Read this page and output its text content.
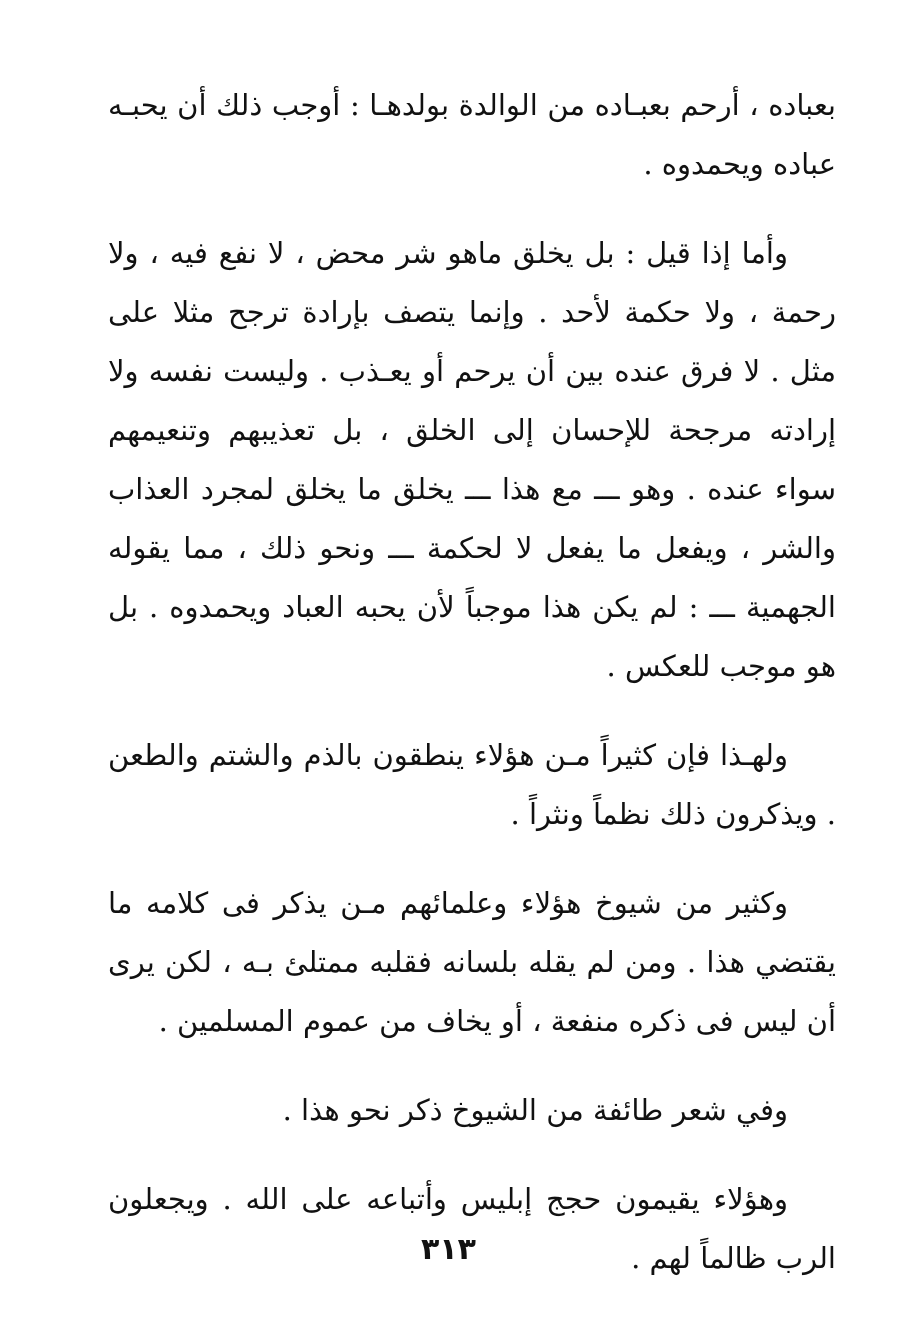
بعباده ، أرحم بعبـاده من الوالدة بولدهـا : أوجب ذلك أن يحبـه عباده ويحمدوه .

وأما إذا قيل : بل يخلق ماهو شر محض ، لا نفع فيه ، ولا رحمة ، ولا حكمة لأحد . وإنما يتصف بإرادة ترجح مثلا على مثل . لا فرق عنده بين أن يرحم أو يعـذب . وليست نفسه ولا إرادته مرجحة للإحسان إلى الخلق ، بل تعذيبهم وتنعيمهم سواء عنده . وهو ـــ مع هذا ـــ يخلق ما يخلق لمجرد العذاب والشر ، ويفعل ما يفعل لا لحكمة ـــ ونحو ذلك ، مما يقوله الجهمية ـــ : لم يكن هذا موجباً لأن يحبه العباد ويحمدوه . بل هو موجب للعكس .

ولهـذا فإن كثيراً مـن هؤلاء ينطقون بالذم والشتم والطعن . ويذكرون ذلك نظماً ونثراً .

وكثير من شيوخ هؤلاء وعلمائهم مـن يذكر فى كلامه ما يقتضي هذا . ومن لم يقله بلسانه فقلبه ممتلئ بـه ، لكن يرى أن ليس فى ذكره منفعة ، أو يخاف من عموم المسلمين .

وفي شعر طائفة من الشيوخ ذكر نحو هذا .

وهؤلاء يقيمون حجج إبليس وأتباعه على الله . ويجعلون الرب ظالماً لهم .

٣١٣
